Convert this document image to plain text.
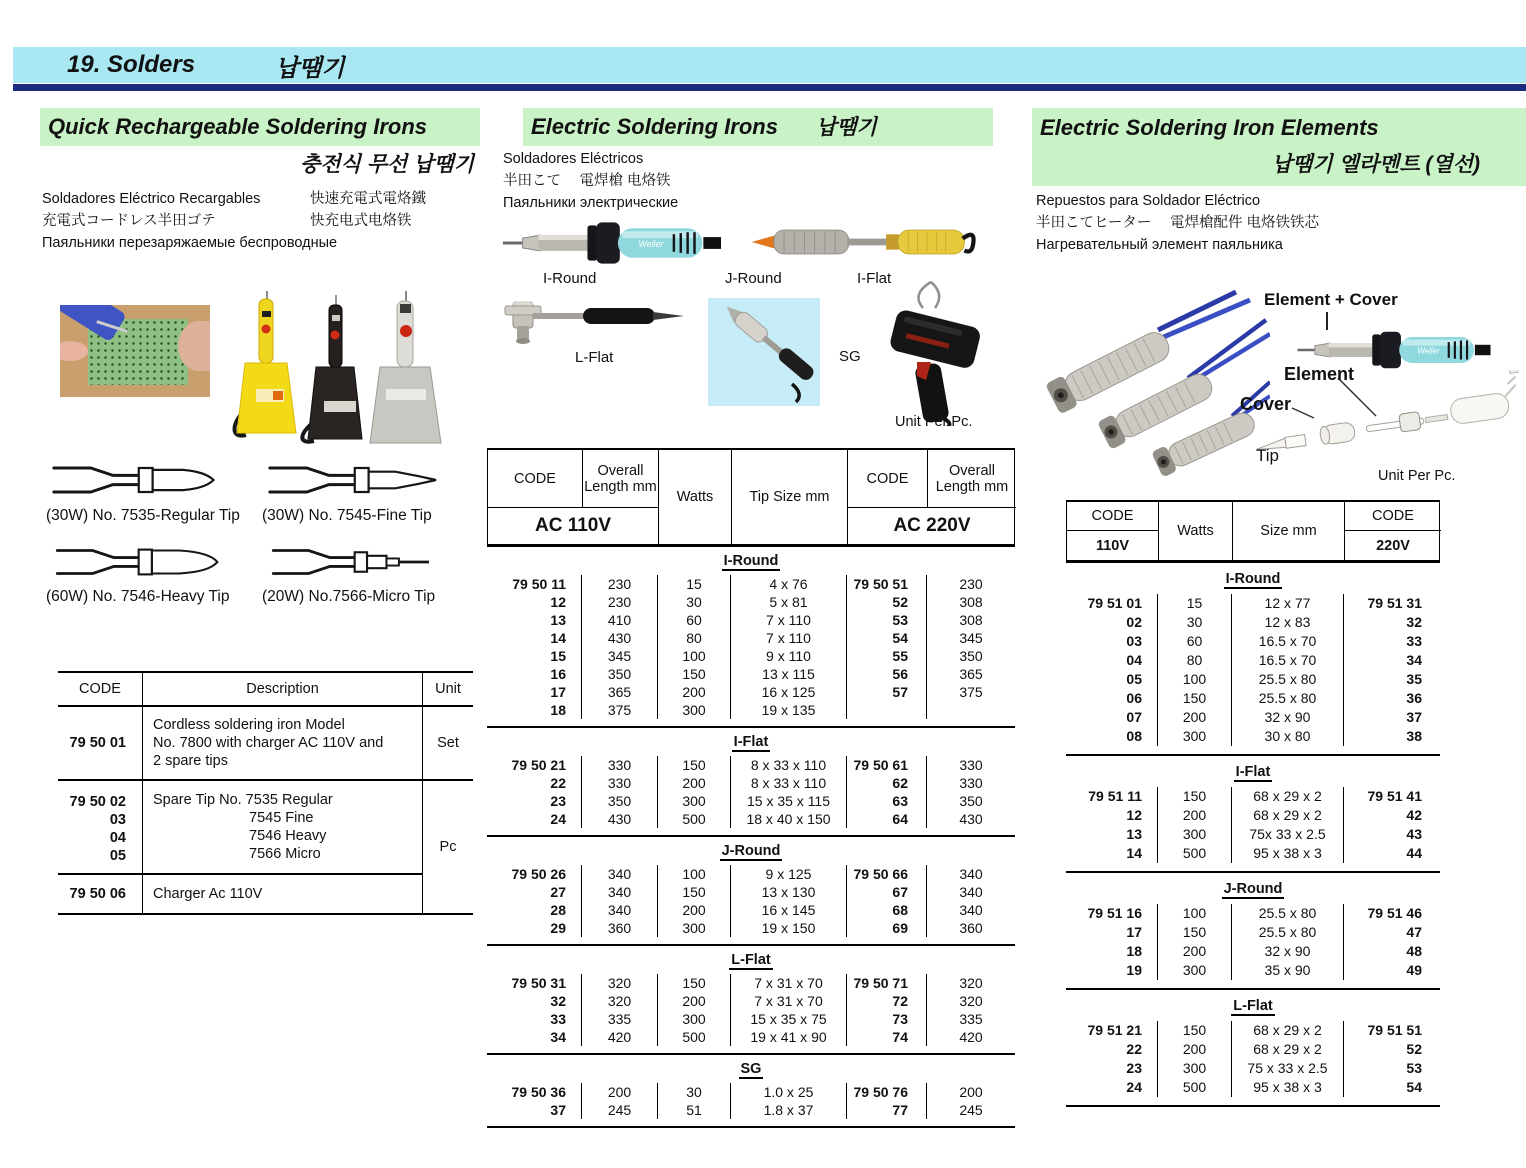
19. Solders	납땜기
Quick Rechargeable Soldering Irons
충전식 무선 납땜기
Soldadores Eléctrico Recargables	快速充電式電烙鐵
充電式コードレス半田ゴテ	快充电式电烙铁
Паяльники перезаряжаемые беспроводные
(30W) No. 7535-Regular Tip	(30W) No. 7545-Fine Tip
(60W) No. 7546-Heavy Tip	(20W) No.7566-Micro Tip
CODE	Description	Unit
79 50 01	Cordless soldering iron Model
No. 7800 with charger AC 110V and
2 spare tips	Set

79 50 02
03
04
05

Spare Tip No. 7535 Regular
7545 Fine
7546 Heavy
7566 Micro	Pc
79 50 06	Charger Ac 110V	
Electric Soldering Irons 납땜기
Soldadores Eléctricos
半田こて　 電焊槍 电烙铁
Паяльники электрические
Weller
I-Round	J-Round	I-Flat
L-Flat	SG
Unit Per Pc.
CODE	Overall Length mm
Watts	Tip Size mm
CODE	Overall Length mm
AC 110V	AC 220V
I-Round
79 50 11	230	15	4 x 76	79 50 51	230
12	230	30	5 x 81	52	308
13	410	60	7 x 110	53	308
14	430	80	7 x 110	54	345
15	345	100	9 x 110	55	350
16	350	150	13 x 115	56	365
17	365	200	16 x 125	57	375
18	375	300	19 x 135
I-Flat
79 50 21	330	150	8 x 33 x 110	79 50 61	330
22	330	200	8 x 33 x 110	62	330
23	350	300	15 x 35 x 115	63	350
24	430	500	18 x 40 x 150	64	430
J-Round
79 50 26	340	100	9 x 125	79 50 66	340
27	340	150	13 x 130	67	340
28	340	200	16 x 145	68	340
29	360	300	19 x 150	69	360
L-Flat
79 50 31	320	150	7 x 31 x 70	79 50 71	320
32	320	200	7 x 31 x 70	72	320
33	335	300	15 x 35 x 75	73	335
34	420	500	19 x 41 x 90	74	420
SG
79 50 36	200	30	1.0 x 25	79 50 76	200
37	245	51	1.8 x 37	77	245
Electric Soldering Iron Elements
납땜기 엘라멘트 (열선)
Repuestos para Soldador Eléctrico
半田こてヒーター　 電焊槍配件 电烙铁铁芯
Нагревательный элемент паяльника
Element + Cover
Weller
Element
Cover
Tip
Unit Per Pc.
CODE
110V
Watts	Size mm
CODE
220V
I-Round
79 51 01	15	12 x 77	79 51 31
02	30	12 x 83	32
03	60	16.5 x 70	33
04	80	16.5 x 70	34
05	100	25.5 x 80	35
06	150	25.5 x 80	36
07	200	32 x 90	37
08	300	30 x 80	38
I-Flat
79 51 11	150	68 x 29 x 2	79 51 41
12	200	68 x 29 x 2	42
13	300	75x 33 x 2.5	43
14	500	95 x 38 x 3	44
J-Round
79 51 16	100	25.5 x 80	79 51 46
17	150	25.5 x 80	47
18	200	32 x 90	48
19	300	35 x 90	49
L-Flat
79 51 21	150	68 x 29 x 2	79 51 51
22	200	68 x 29 x 2	52
23	300	75 x 33 x 2.5	53
24	500	95 x 38 x 3	54
